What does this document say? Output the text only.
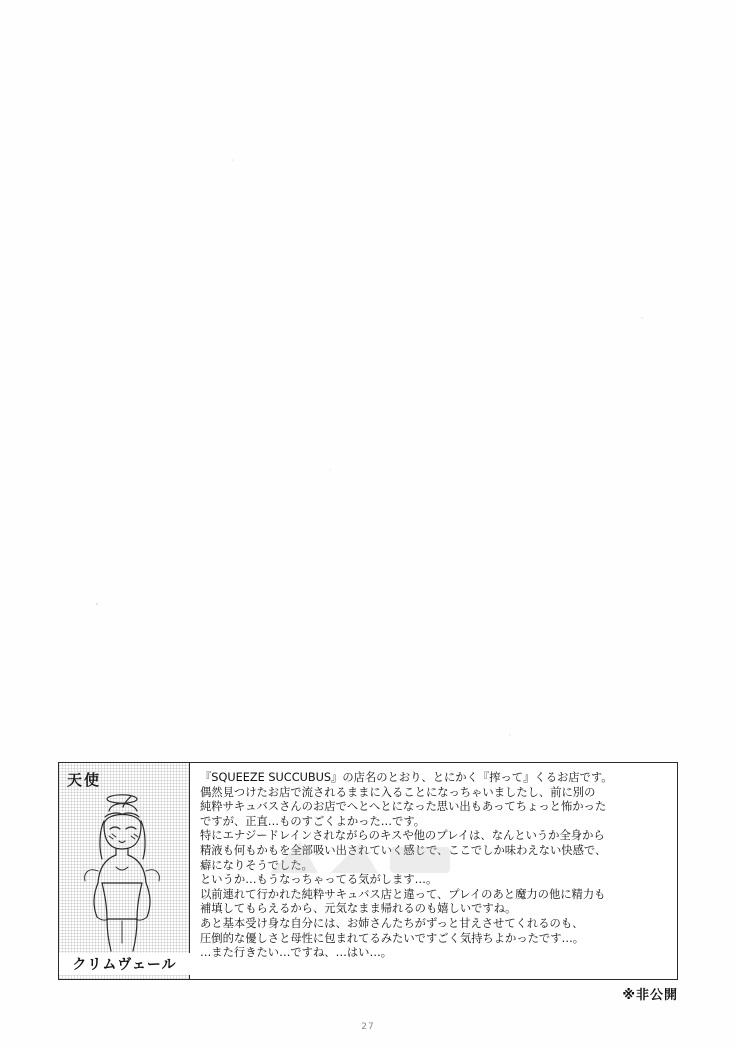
天使
クリムヴェール

『SQUEEZE SUCCUBUS』の店名のとおり、とにかく『搾って』くるお店です。

偶然見つけたお店で流されるままに入ることになっちゃいましたし、前に別の

純粋サキュバスさんのお店でへとへとになった思い出もあってちょっと怖かった

ですが、正直…ものすごくよかった…です。

特にエナジードレインされながらのキスや他のプレイは、なんというか全身から

精液も何もかもを全部吸い出されていく感じで、ここでしか味わえない快感で、

癖になりそうでした。

というか…もうなっちゃってる気がします…。

以前連れて行かれた純粋サキュバス店と違って、プレイのあと魔力の他に精力も

補填してもらえるから、元気なまま帰れるのも嬉しいですね。

あと基本受け身な自分には、お姉さんたちがずっと甘えさせてくれるのも、

圧倒的な優しさと母性に包まれてるみたいですごく気持ちよかったです…。

…また行きたい…ですね、…はい…。

※非公開
27
